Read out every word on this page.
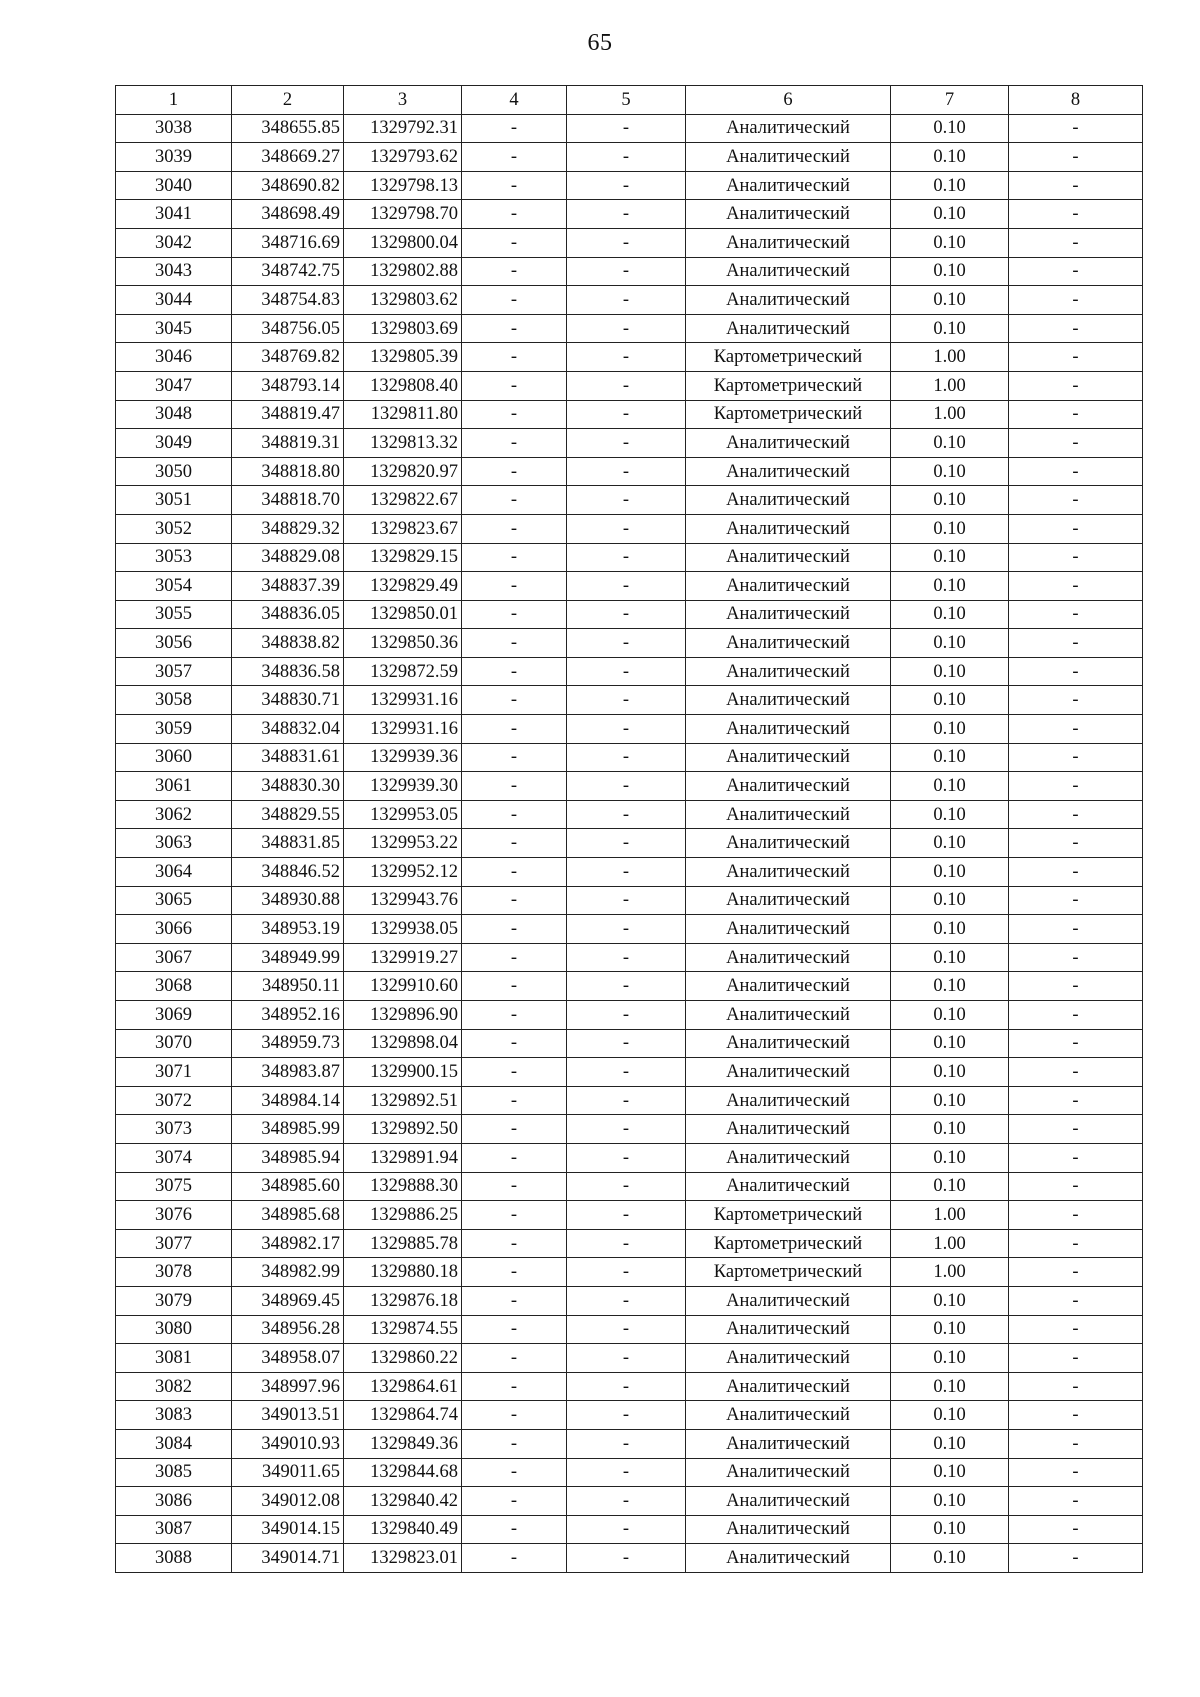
65
1	2	3	4	5	6	7	8
3038	348655.85	1329792.31	-	-	Аналитический	0.10	-
3039	348669.27	1329793.62	-	-	Аналитический	0.10	-
3040	348690.82	1329798.13	-	-	Аналитический	0.10	-
3041	348698.49	1329798.70	-	-	Аналитический	0.10	-
3042	348716.69	1329800.04	-	-	Аналитический	0.10	-
3043	348742.75	1329802.88	-	-	Аналитический	0.10	-
3044	348754.83	1329803.62	-	-	Аналитический	0.10	-
3045	348756.05	1329803.69	-	-	Аналитический	0.10	-
3046	348769.82	1329805.39	-	-	Картометрический	1.00	-
3047	348793.14	1329808.40	-	-	Картометрический	1.00	-
3048	348819.47	1329811.80	-	-	Картометрический	1.00	-
3049	348819.31	1329813.32	-	-	Аналитический	0.10	-
3050	348818.80	1329820.97	-	-	Аналитический	0.10	-
3051	348818.70	1329822.67	-	-	Аналитический	0.10	-
3052	348829.32	1329823.67	-	-	Аналитический	0.10	-
3053	348829.08	1329829.15	-	-	Аналитический	0.10	-
3054	348837.39	1329829.49	-	-	Аналитический	0.10	-
3055	348836.05	1329850.01	-	-	Аналитический	0.10	-
3056	348838.82	1329850.36	-	-	Аналитический	0.10	-
3057	348836.58	1329872.59	-	-	Аналитический	0.10	-
3058	348830.71	1329931.16	-	-	Аналитический	0.10	-
3059	348832.04	1329931.16	-	-	Аналитический	0.10	-
3060	348831.61	1329939.36	-	-	Аналитический	0.10	-
3061	348830.30	1329939.30	-	-	Аналитический	0.10	-
3062	348829.55	1329953.05	-	-	Аналитический	0.10	-
3063	348831.85	1329953.22	-	-	Аналитический	0.10	-
3064	348846.52	1329952.12	-	-	Аналитический	0.10	-
3065	348930.88	1329943.76	-	-	Аналитический	0.10	-
3066	348953.19	1329938.05	-	-	Аналитический	0.10	-
3067	348949.99	1329919.27	-	-	Аналитический	0.10	-
3068	348950.11	1329910.60	-	-	Аналитический	0.10	-
3069	348952.16	1329896.90	-	-	Аналитический	0.10	-
3070	348959.73	1329898.04	-	-	Аналитический	0.10	-
3071	348983.87	1329900.15	-	-	Аналитический	0.10	-
3072	348984.14	1329892.51	-	-	Аналитический	0.10	-
3073	348985.99	1329892.50	-	-	Аналитический	0.10	-
3074	348985.94	1329891.94	-	-	Аналитический	0.10	-
3075	348985.60	1329888.30	-	-	Аналитический	0.10	-
3076	348985.68	1329886.25	-	-	Картометрический	1.00	-
3077	348982.17	1329885.78	-	-	Картометрический	1.00	-
3078	348982.99	1329880.18	-	-	Картометрический	1.00	-
3079	348969.45	1329876.18	-	-	Аналитический	0.10	-
3080	348956.28	1329874.55	-	-	Аналитический	0.10	-
3081	348958.07	1329860.22	-	-	Аналитический	0.10	-
3082	348997.96	1329864.61	-	-	Аналитический	0.10	-
3083	349013.51	1329864.74	-	-	Аналитический	0.10	-
3084	349010.93	1329849.36	-	-	Аналитический	0.10	-
3085	349011.65	1329844.68	-	-	Аналитический	0.10	-
3086	349012.08	1329840.42	-	-	Аналитический	0.10	-
3087	349014.15	1329840.49	-	-	Аналитический	0.10	-
3088	349014.71	1329823.01	-	-	Аналитический	0.10	-
